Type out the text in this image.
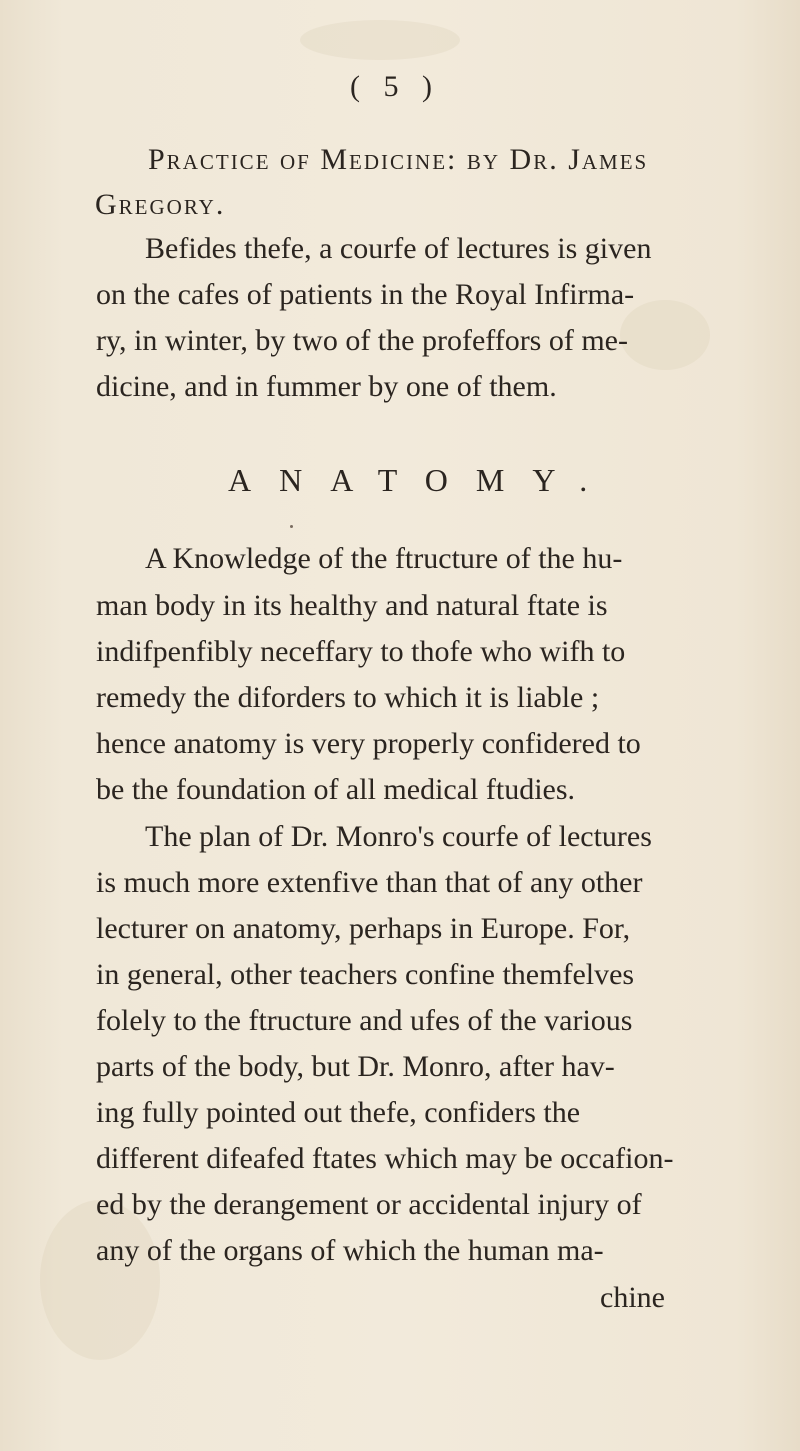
( 5 )
Practice of Medicine: by Dr. James
Gregory.
Befides thefe, a courfe of lectures is given
on the cafes of patients in the Royal Infirma-
ry, in winter, by two of the profeffors of me-
dicine, and in fummer by one of them.
ANATOMY.
A Knowledge of the ftructure of the hu-
man body in its healthy and natural ftate is
indifpenfibly neceffary to thofe who wifh to
remedy the diforders to which it is liable ;
hence anatomy is very properly confidered to
be the foundation of all medical ftudies.
The plan of Dr. Monro's courfe of lectures
is much more extenfive than that of any other
lecturer on anatomy, perhaps in Europe. For,
in general, other teachers confine themfelves
folely to the ftructure and ufes of the various
parts of the body, but Dr. Monro, after hav-
ing fully pointed out thefe, confiders the
different difeafed ftates which may be occafion-
ed by the derangement or accidental injury of
any of the organs of which the human ma-
chine
